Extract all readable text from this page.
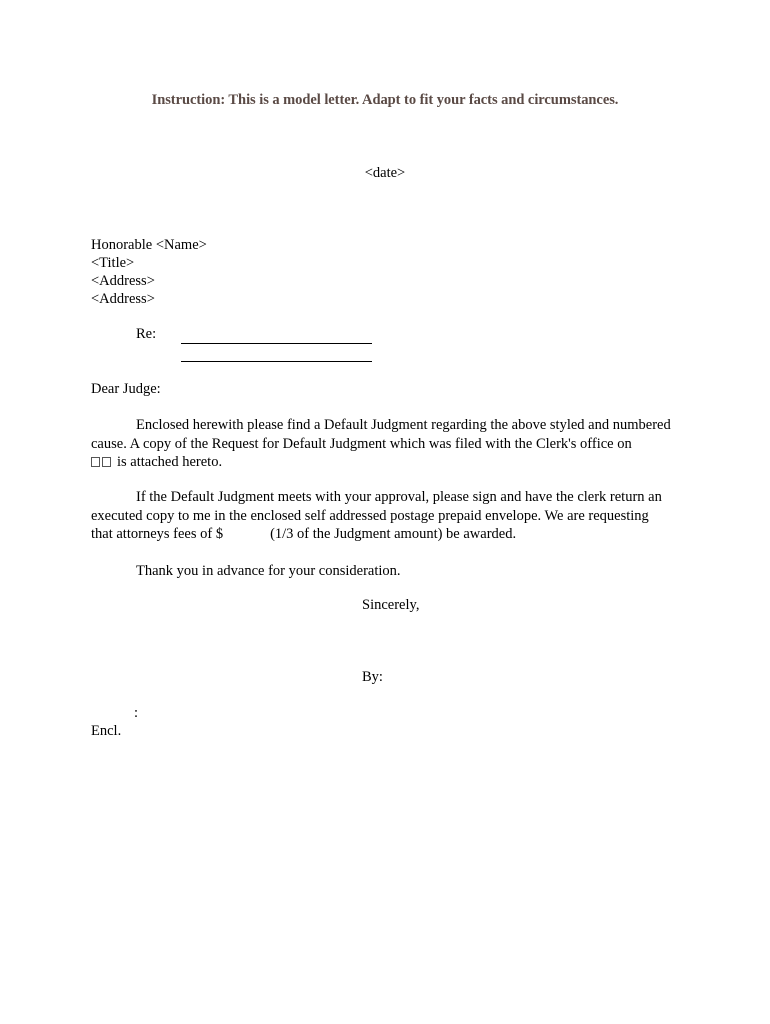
Instruction: This is a model letter. Adapt to fit your facts and circumstances.
<date>
Honorable <Name>
<Title>
<Address>
<Address>
Re:
Dear Judge:
Enclosed herewith please find a Default Judgment regarding the above styled and numbered
cause. A copy of the Request for Default Judgment which was filed with the Clerk's office on
is attached hereto.
If the Default Judgment meets with your approval, please sign and have the clerk return an
executed copy to me in the enclosed self addressed postage prepaid envelope. We are requesting
that attorneys fees of $	(1/3 of the Judgment amount) be awarded.
Thank you in advance for your consideration.
Sincerely,
By:
:
Encl.
